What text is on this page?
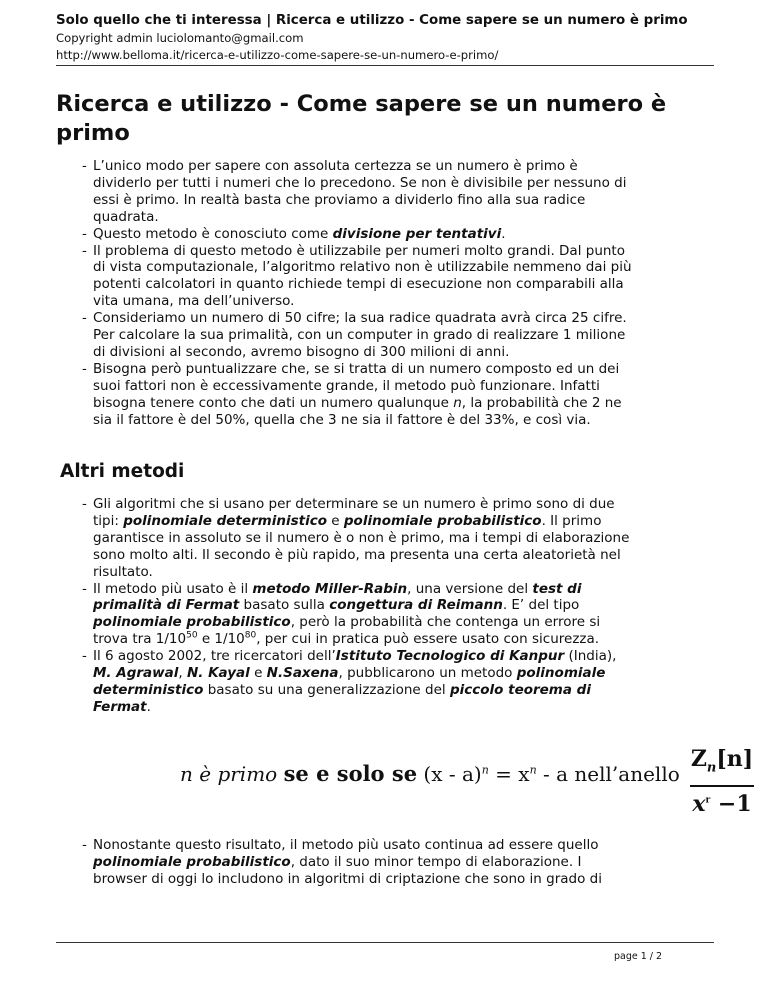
Solo quello che ti interessa | Ricerca e utilizzo - Come sapere se un numero è primo
Copyright admin luciolomanto@gmail.com
http://www.belloma.it/ricerca-e-utilizzo-come-sapere-se-un-numero-e-primo/
Ricerca e utilizzo - Come sapere se un numero è
primo
- L’unico modo per sapere con assoluta certezza se un numero è primo è
dividerlo per tutti i numeri che lo precedono. Se non è divisibile per nessuno di
essi è primo. In realtà basta che proviamo a dividerlo fino alla sua radice
quadrata.
- Questo metodo è conosciuto come divisione per tentativi.
- Il problema di questo metodo è utilizzabile per numeri molto grandi. Dal punto
di vista computazionale, l’algoritmo relativo non è utilizzabile nemmeno dai più
potenti calcolatori in quanto richiede tempi di esecuzione non comparabili alla
vita umana, ma dell’universo.
- Consideriamo un numero di 50 cifre; la sua radice quadrata avrà circa 25 cifre.
Per calcolare la sua primalità, con un computer in grado di realizzare 1 milione
di divisioni al secondo, avremo bisogno di 300 milioni di anni.
- Bisogna però puntualizzare che, se si tratta di un numero composto ed un dei
suoi fattori non è eccessivamente grande, il metodo può funzionare. Infatti
bisogna tenere conto che dati un numero qualunque n, la probabilità che 2 ne
sia il fattore è del 50%, quella che 3 ne sia il fattore è del 33%, e così via.
Altri metodi
- Gli algoritmi che si usano per determinare se un numero è primo sono di due
tipi: polinomiale deterministico e polinomiale probabilistico. Il primo
garantisce in assoluto se il numero è o non è primo, ma i tempi di elaborazione
sono molto alti. Il secondo è più rapido, ma presenta una certa aleatorietà nel
risultato.
- Il metodo più usato è il metodo Miller-Rabin, una versione del test di
primalità di Fermat basato sulla congettura di Reimann. E’ del tipo
polinomiale probabilistico, però la probabilità che contenga un errore si
trova tra $1/10^{50}$ e $1/10^{80}$, per cui in pratica può essere usato con sicurezza.
- Il 6 agosto 2002, tre ricercatori dell’Istituto Tecnologico di Kanpur (India),
M. Agrawal, N. Kayal e N.Saxena, pubblicarono un metodo polinomiale
deterministico basato su una generalizzazione del piccolo teorema di
Fermat.
n è primo se e solo se $(x - a)^n = x^n - a$ nell’anello
$Z_n[n]$
$x^r -1$
- Nonostante questo risultato, il metodo più usato continua ad essere quello
polinomiale probabilistico, dato il suo minor tempo di elaborazione. I
browser di oggi lo includono in algoritmi di criptazione che sono in grado di
page 1 / 2
